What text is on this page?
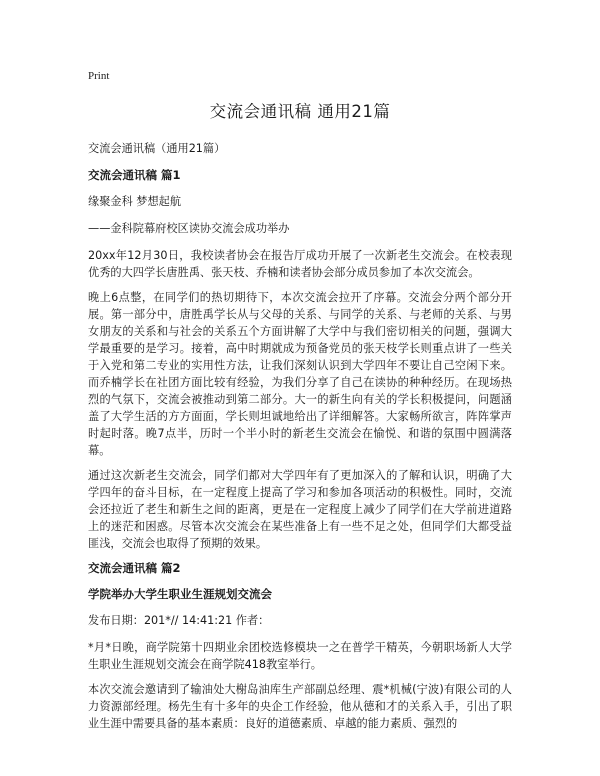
Print
交流会通讯稿 通用21篇

交流会通讯稿（通用21篇）

交流会通讯稿 篇1

缘聚金科 梦想起航

——金科院幕府校区读协交流会成功举办

20xx年12月30日，我校读者协会在报告厅成功开展了一次新老生交流会。在校表现优秀的大四学长唐胜禹、张天枝、乔楠和读者协会部分成员参加了本次交流会。

晚上6点整，在同学们的热切期待下，本次交流会拉开了序幕。交流会分两个部分开展。第一部分中，唐胜禹学长从与父母的关系、与同学的关系、与老师的关系、与男女朋友的关系和与社会的关系五个方面讲解了大学中与我们密切相关的问题，强调大学最重要的是学习。接着，高中时期就成为预备党员的张天枝学长则重点讲了一些关于入党和第二专业的实用性方法，让我们深刻认识到大学四年不要让自己空闲下来。而乔楠学长在社团方面比较有经验，为我们分享了自己在读协的种种经历。在现场热烈的气氛下，交流会被推动到第二部分。大一的新生向有关的学长积极提问，问题涵盖了大学生活的方方面面，学长则坦诚地给出了详细解答。大家畅所欲言，阵阵掌声时起时落。晚7点半，历时一个半小时的新老生交流会在愉悦、和谐的氛围中圆满落幕。

通过这次新老生交流会，同学们都对大学四年有了更加深入的了解和认识，明确了大学四年的奋斗目标，在一定程度上提高了学习和参加各项活动的积极性。同时，交流会还拉近了老生和新生之间的距离，更是在一定程度上减少了同学们在大学前进道路上的迷茫和困惑。尽管本次交流会在某些准备上有一些不足之处，但同学们大都受益匪浅，交流会也取得了预期的效果。

交流会通讯稿 篇2
学院举办大学生职业生涯规划交流会

发布日期：201*// 14:41:21 作者：

*月*日晚，商学院第十四期业余团校选修模块一之在普学干精英，今朝职场新人大学生职业生涯规划交流会在商学院418教室举行。

本次交流会邀请到了输油处大榭岛油库生产部副总经理、震*机械(宁波)有限公司的人力资源部经理。杨先生有十多年的央企工作经验，他从德和才的关系入手，引出了职业生涯中需要具备的基本素质：良好的道德素质、卓越的能力素质、强烈的
